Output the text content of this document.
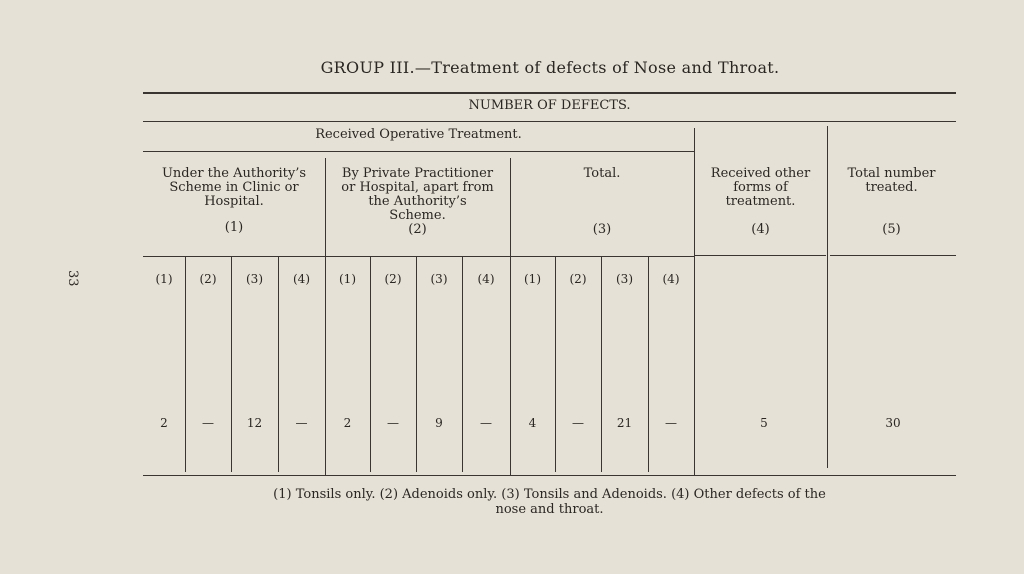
33
GROUP III.—Treatment of defects of Nose and Throat.
NUMBER OF DEFECTS.
Received Operative Treatment.
Under the Authority’s
Scheme in Clinic or
Hospital.
(1)
By Private Practitioner
or Hospital, apart from
the Authority’s
Scheme.
(2)
Total.
(3)
Received other
forms of
treatment.
(4)
Total number
treated.
(5)
(1)	(2)	(3)	(4)	(1)	(2)	(3)	(4)	(1)	(2)	(3)	(4)
2	—	12	—	2	—	9	—	4	—	21	—	5	30
(1) Tonsils only. (2) Adenoids only. (3) Tonsils and Adenoids. (4) Other defects of the
nose and throat.
